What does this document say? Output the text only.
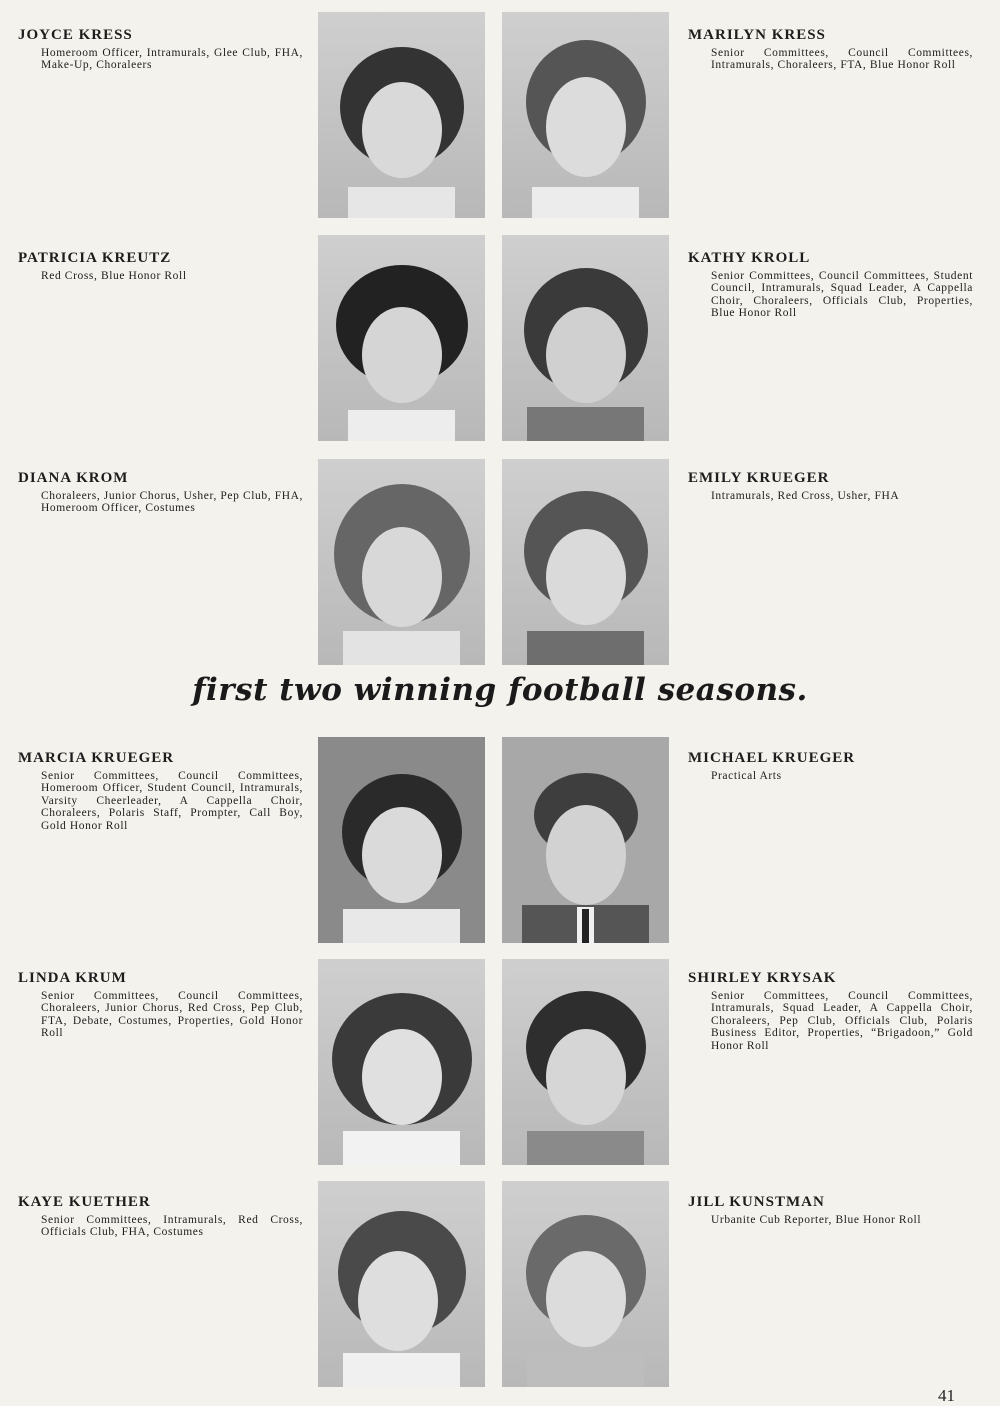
JOYCE KRESS
Homeroom Officer, Intramurals, Glee Club, FHA, Make-Up, Choraleers
MARILYN KRESS
Senior Committees, Council Committees, Intramurals, Choraleers, FTA, Blue Honor Roll
PATRICIA KREUTZ
Red Cross, Blue Honor Roll
KATHY KROLL
Senior Committees, Council Committees, Student Council, Intramurals, Squad Leader, A Cappella Choir, Choraleers, Officials Club, Properties, Blue Honor Roll
DIANA KROM
Choraleers, Junior Chorus, Usher, Pep Club, FHA, Homeroom Officer, Costumes
EMILY KRUEGER
Intramurals, Red Cross, Usher, FHA
first two winning football seasons.
MARCIA KRUEGER
Senior Committees, Council Committees, Homeroom Officer, Student Council, Intramurals, Varsity Cheerleader, A Cappella Choir, Choraleers, Polaris Staff, Prompter, Call Boy, Gold Honor Roll
MICHAEL KRUEGER
Practical Arts
LINDA KRUM
Senior Committees, Council Committees, Choraleers, Junior Chorus, Red Cross, Pep Club, FTA, Debate, Costumes, Properties, Gold Honor Roll
SHIRLEY KRYSAK
Senior Committees, Council Committees, Intramurals, Squad Leader, A Cappella Choir, Choraleers, Pep Club, Officials Club, Polaris Business Editor, Properties, “Brigadoon,” Gold Honor Roll
KAYE KUETHER
Senior Committees, Intramurals, Red Cross, Officials Club, FHA, Costumes
JILL KUNSTMAN
Urbanite Cub Reporter, Blue Honor Roll
41
